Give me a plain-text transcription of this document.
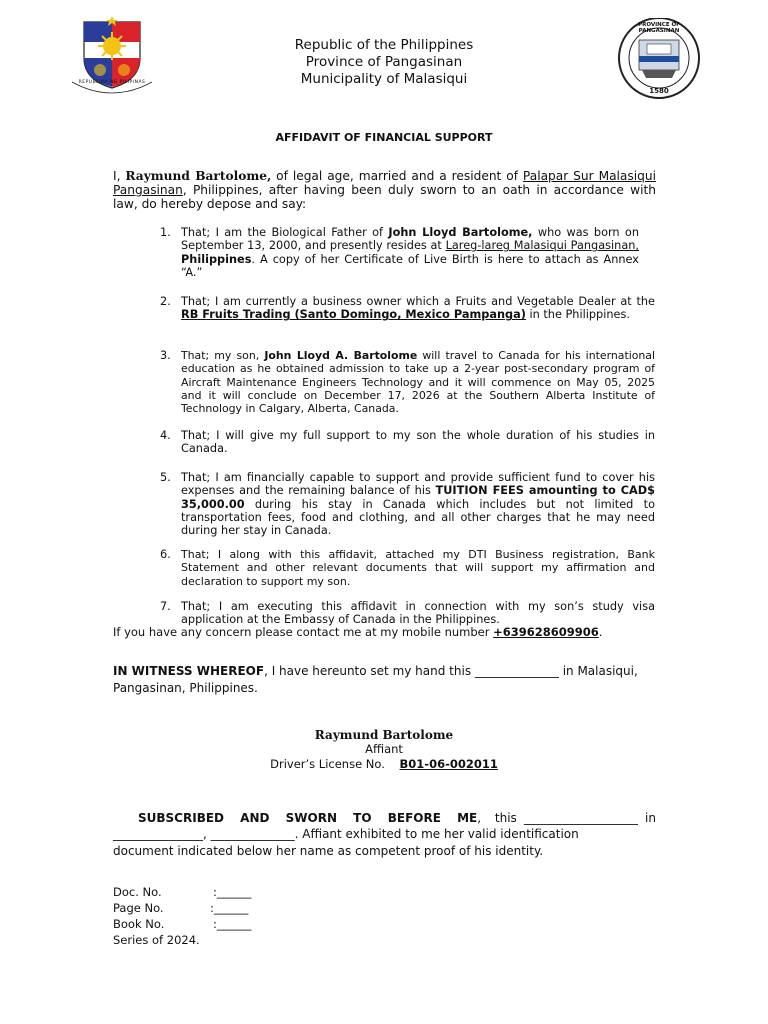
REPUBLIKA NG PILIPINAS
PROVINCE OF PANGASINAN
1580
Republic of the Philippines
Province of Pangasinan
Municipality of Malasiqui
AFFIDAVIT OF FINANCIAL SUPPORT
I, Raymund Bartolome, of legal age, married and a resident of Palapar Sur Malasiqui Pangasinan, Philippines, after having been duly sworn to an oath in accordance with law, do hereby depose and say:
1. That; I am the Biological Father of John Lloyd Bartolome, who was born on September 13, 2000, and presently resides at Lareg-lareg Malasiqui Pangasinan, Philippines. A copy of her Certificate of Live Birth is here to attach as Annex “A.”
2. That; I am currently a business owner which a Fruits and Vegetable Dealer at the RB Fruits Trading (Santo Domingo, Mexico Pampanga) in the Philippines.
3. That; my son, John Lloyd A. Bartolome will travel to Canada for his international education as he obtained admission to take up a 2-year post-secondary program of Aircraft Maintenance Engineers Technology and it will commence on May 05, 2025 and it will conclude on December 17, 2026 at the Southern Alberta Institute of Technology in Calgary, Alberta, Canada.
4. That; I will give my full support to my son the whole duration of his studies in Canada.
5. That; I am financially capable to support and provide sufficient fund to cover his expenses and the remaining balance of his TUITION FEES amounting to CAD$ 35,000.00 during his stay in Canada which includes but not limited to transportation fees, food and clothing, and all other charges that he may need during her stay in Canada.
6. That; I along with this affidavit, attached my DTI Business registration, Bank Statement and other relevant documents that will support my affirmation and declaration to support my son.
7. That; I am executing this affidavit in connection with my son’s study visa application at the Embassy of Canada in the Philippines.
If you have any concern please contact me at my mobile number +639628609906.
IN WITNESS WHEREOF, I have hereunto set my hand this ______________ in Malasiqui,
Pangasinan, Philippines.
Raymund Bartolome
Affiant
Driver’s License No. B01-06-002011
SUBSCRIBED AND SWORN TO BEFORE ME, this ___________________ in
_______________, ______________. Affiant exhibited to me her valid identification
document indicated below her name as competent proof of his identity.
Doc. No.	:______
Page No.	:______
Book No.	:______
Series of 2024.
